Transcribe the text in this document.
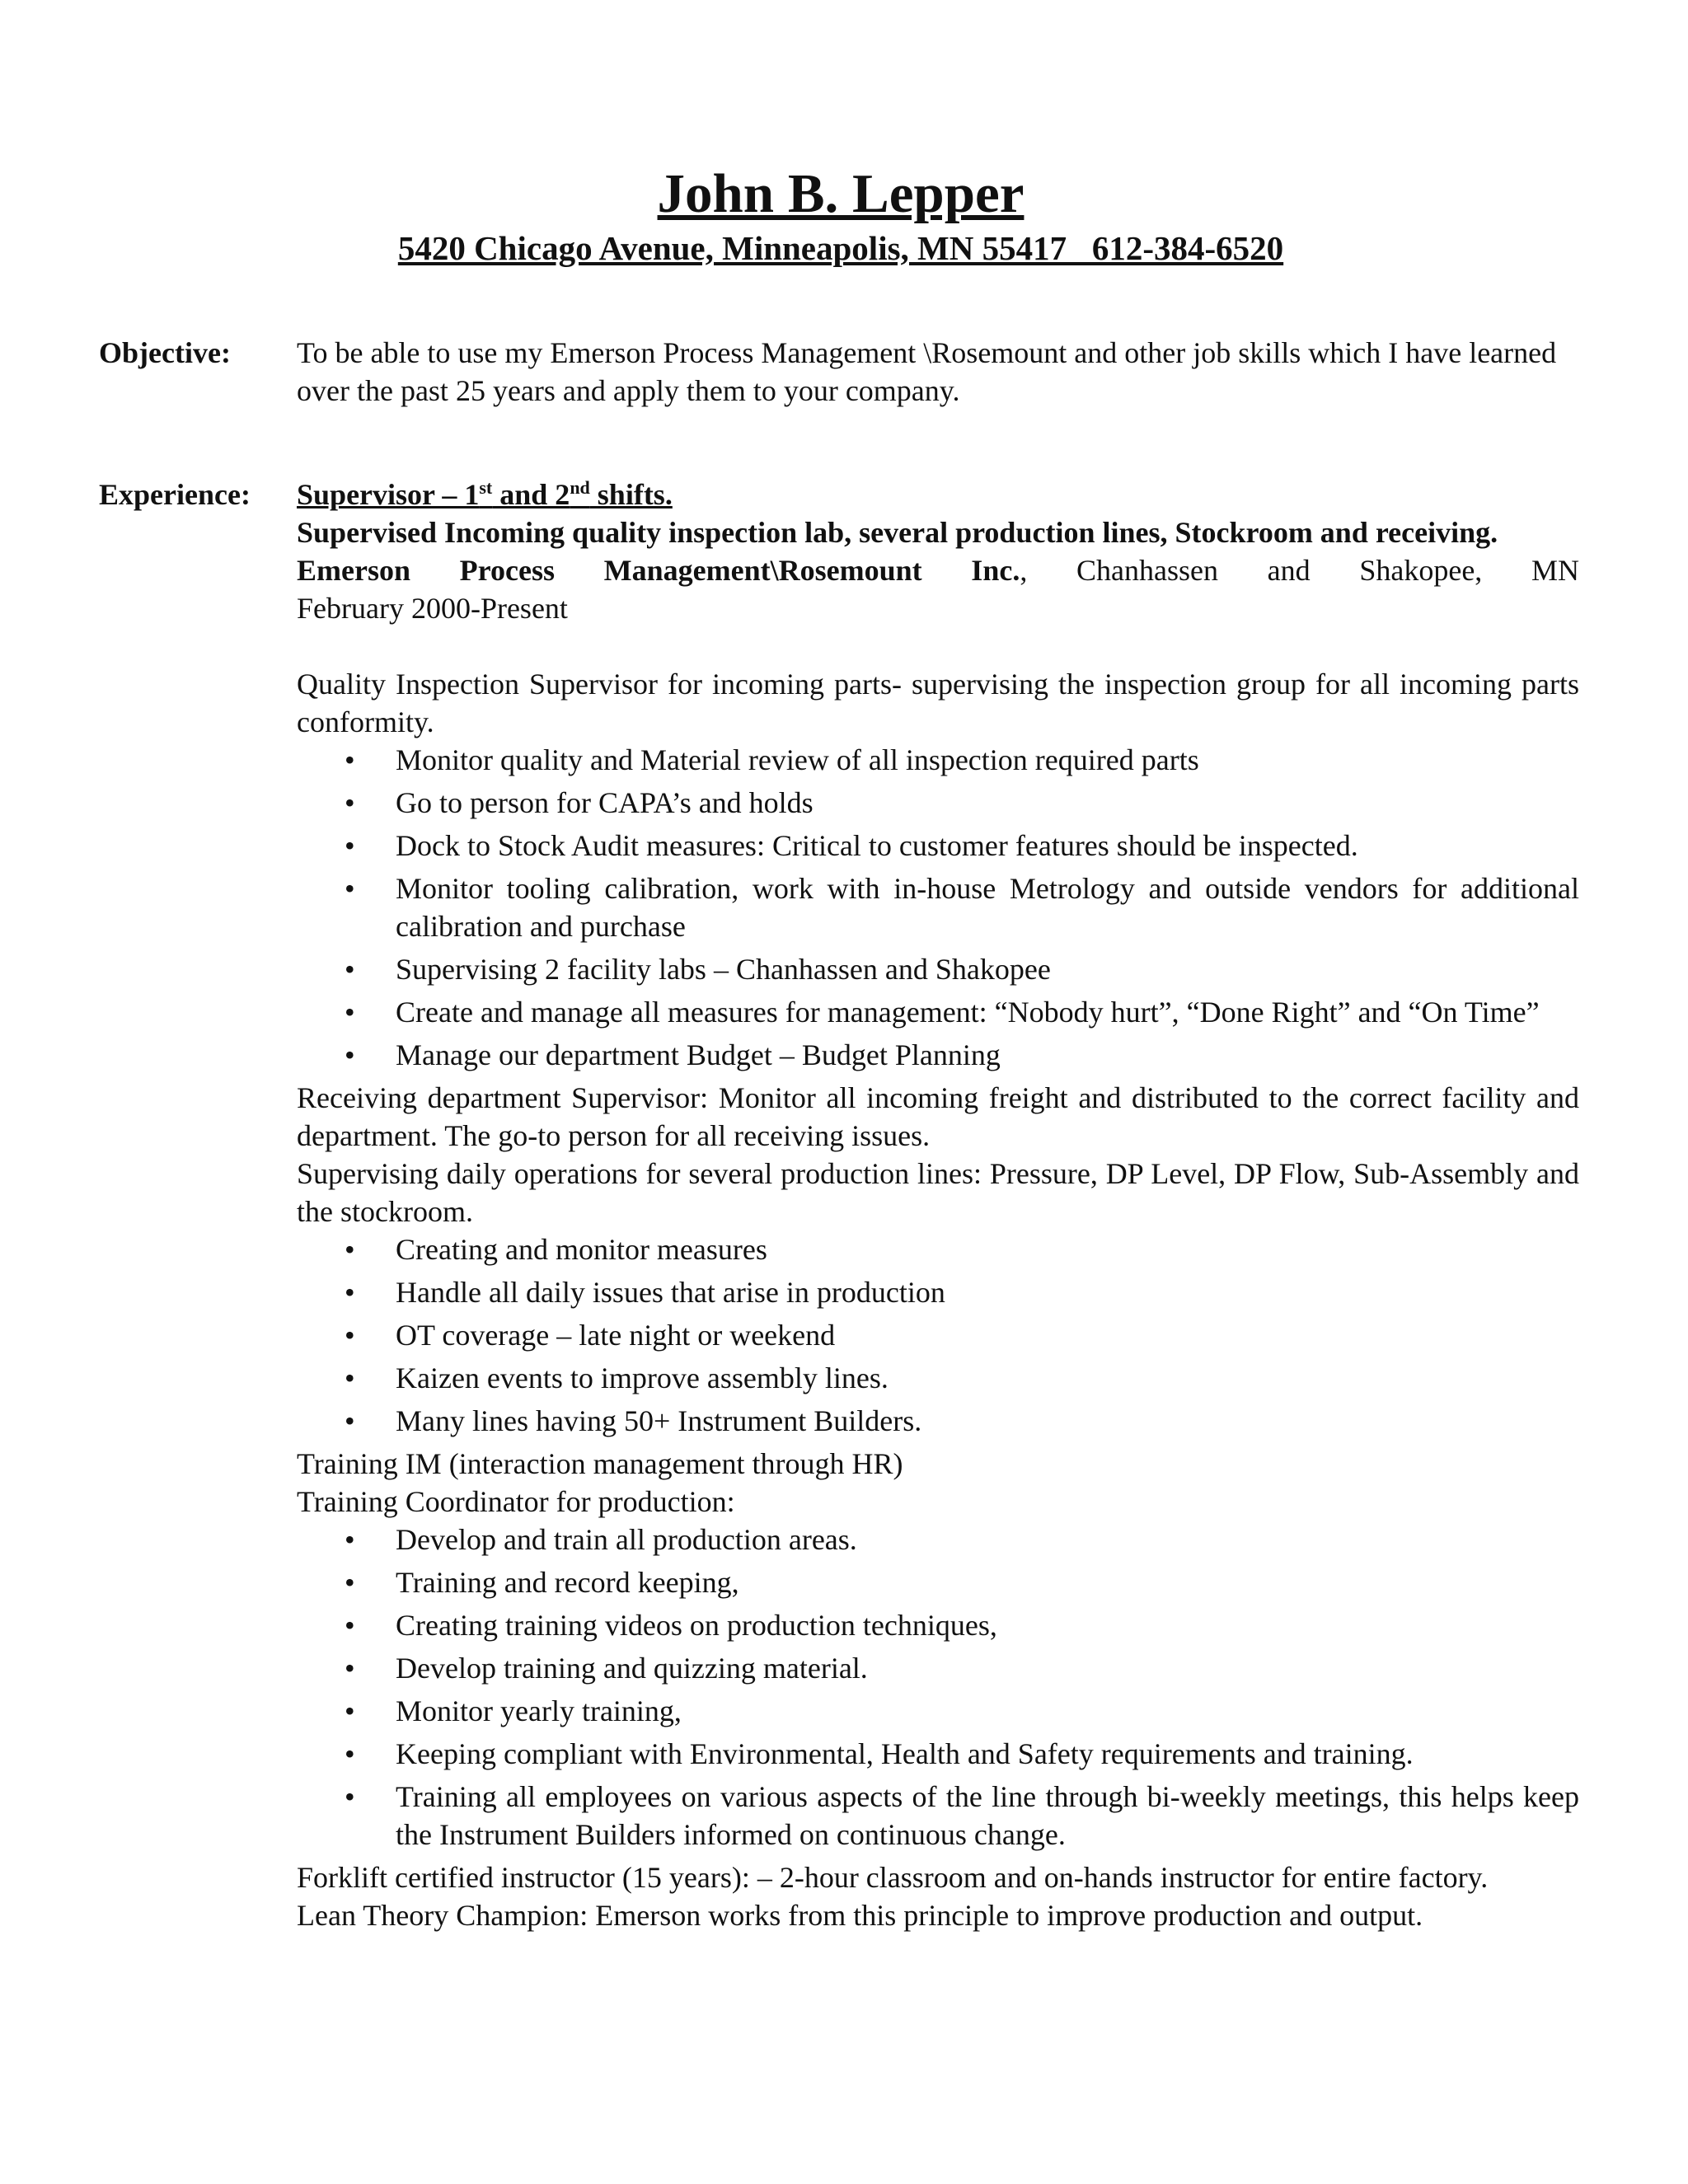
John B. Lepper
5420 Chicago Avenue, Minneapolis, MN 55417   612-384-6520
Objective: To be able to use my Emerson Process Management \Rosemount and other job skills which I have learned over the past 25 years and apply them to your company.
Experience: Supervisor – 1st and 2nd shifts.
Supervised Incoming quality inspection lab, several production lines, Stockroom and receiving.
Emerson Process Management\Rosemount Inc., Chanhassen and Shakopee, MN
February 2000-Present
Quality Inspection Supervisor for incoming parts- supervising the inspection group for all incoming parts conformity.
• Monitor quality and Material review of all inspection required parts
• Go to person for CAPA’s and holds
• Dock to Stock Audit measures: Critical to customer features should be inspected.
• Monitor tooling calibration, work with in-house Metrology and outside vendors for additional calibration and purchase
• Supervising 2 facility labs – Chanhassen and Shakopee
• Create and manage all measures for management: “Nobody hurt”, “Done Right” and “On Time”
• Manage our department Budget – Budget Planning
Receiving department Supervisor: Monitor all incoming freight and distributed to the correct facility and department. The go-to person for all receiving issues.
Supervising daily operations for several production lines: Pressure, DP Level, DP Flow, Sub-Assembly and the stockroom.
• Creating and monitor measures
• Handle all daily issues that arise in production
• OT coverage – late night or weekend
• Kaizen events to improve assembly lines.
• Many lines having 50+ Instrument Builders.
Training IM (interaction management through HR)
Training Coordinator for production:
• Develop and train all production areas.
• Training and record keeping,
• Creating training videos on production techniques,
• Develop training and quizzing material.
• Monitor yearly training,
• Keeping compliant with Environmental, Health and Safety requirements and training.
• Training all employees on various aspects of the line through bi-weekly meetings, this helps keep the Instrument Builders informed on continuous change.
Forklift certified instructor (15 years): – 2-hour classroom and on-hands instructor for entire factory.
Lean Theory Champion: Emerson works from this principle to improve production and output.
